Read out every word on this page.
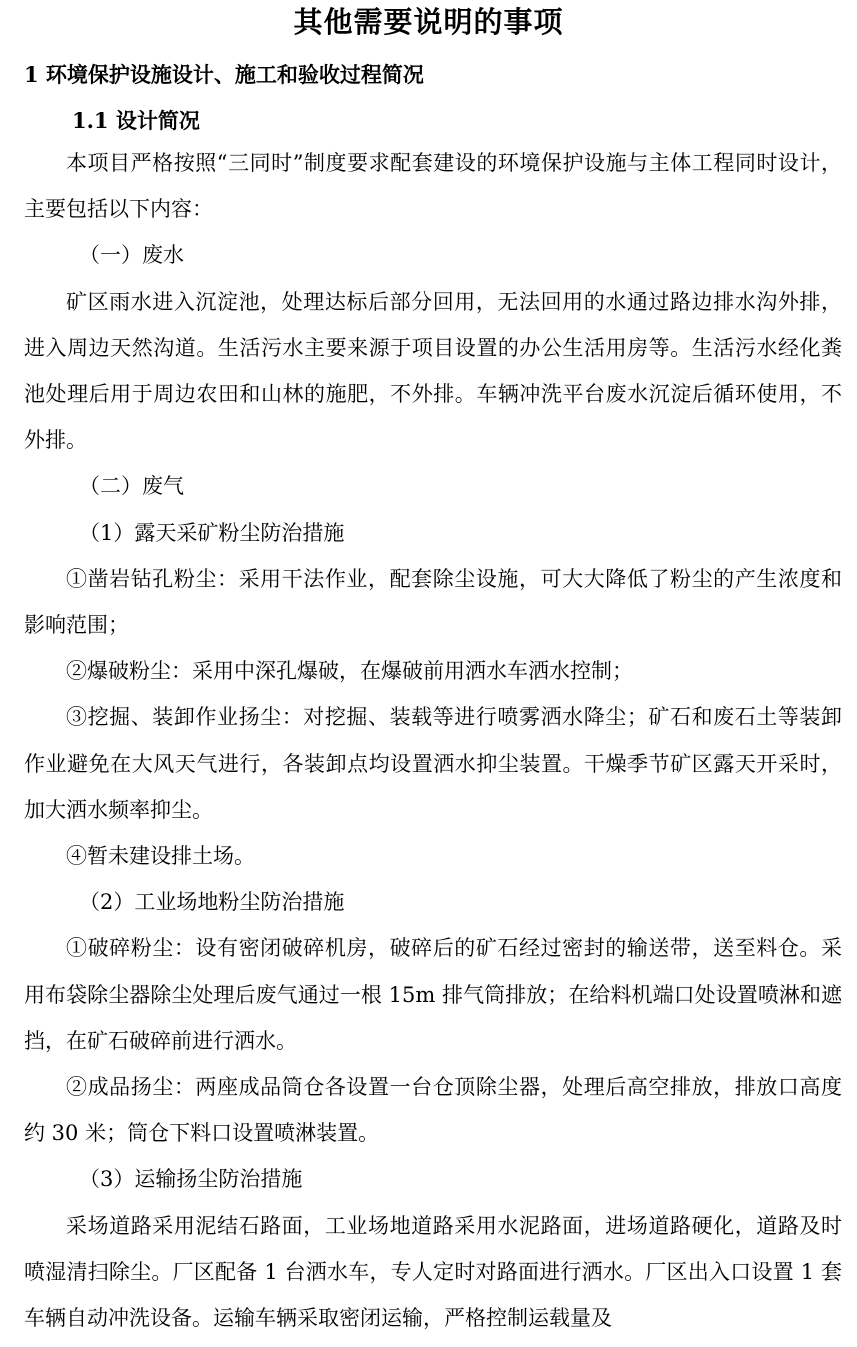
其他需要说明的事项
1 环境保护设施设计、施工和验收过程简况
1.1 设计简况

本项目严格按照“三同时”制度要求配套建设的环境保护设施与主体工程同时设计，主要包括以下内容：

（一）废水

矿区雨水进入沉淀池，处理达标后部分回用，无法回用的水通过路边排水沟外排，进入周边天然沟道。生活污水主要来源于项目设置的办公生活用房等。生活污水经化粪池处理后用于周边农田和山林的施肥，不外排。车辆冲洗平台废水沉淀后循环使用，不外排。

（二）废气

（1）露天采矿粉尘防治措施

①凿岩钻孔粉尘：采用干法作业，配套除尘设施，可大大降低了粉尘的产生浓度和影响范围；

②爆破粉尘：采用中深孔爆破，在爆破前用洒水车洒水控制；

③挖掘、装卸作业扬尘：对挖掘、装载等进行喷雾洒水降尘；矿石和废石土等装卸作业避免在大风天气进行，各装卸点均设置洒水抑尘装置。干燥季节矿区露天开采时，加大洒水频率抑尘。

④暂未建设排土场。

（2）工业场地粉尘防治措施

①破碎粉尘：设有密闭破碎机房，破碎后的矿石经过密封的输送带，送至料仓。采用布袋除尘器除尘处理后废气通过一根 15m 排气筒排放；在给料机端口处设置喷淋和遮挡，在矿石破碎前进行洒水。

②成品扬尘：两座成品筒仓各设置一台仓顶除尘器，处理后高空排放，排放口高度约 30 米；筒仓下料口设置喷淋装置。

（3）运输扬尘防治措施

采场道路采用泥结石路面，工业场地道路采用水泥路面，进场道路硬化，道路及时喷湿清扫除尘。厂区配备 1 台洒水车，专人定时对路面进行洒水。厂区出入口设置 1 套车辆自动冲洗设备。运输车辆采取密闭运输，严格控制运载量及
